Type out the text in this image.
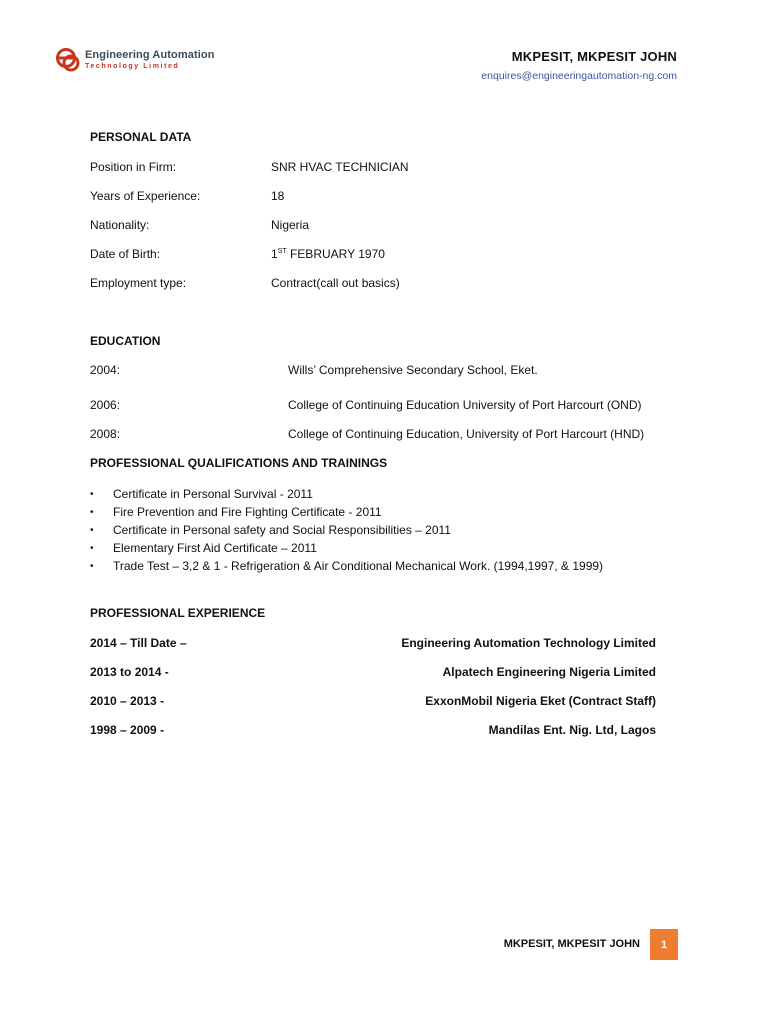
Engineering Automation
Technology Limited
MKPESIT, MKPESIT JOHN
enquires@engineeringautomation-ng.com
PERSONAL DATA
Position in Firm:	SNR HVAC TECHNICIAN
Years of Experience:	18
Nationality:	Nigeria
Date of Birth:	1ST FEBRUARY 1970
Employment type:	Contract(call out basics)
EDUCATION
2004:	Wills’ Comprehensive Secondary School, Eket.
2006:	College of Continuing Education University of Port Harcourt (OND)
2008:	College of Continuing Education, University of Port Harcourt (HND)
PROFESSIONAL QUALIFICATIONS AND TRAININGS
•	Certificate in Personal Survival - 2011
•	Fire Prevention and Fire Fighting Certificate - 2011
•	Certificate in Personal safety and Social Responsibilities – 2011
•	Elementary First Aid Certificate – 2011
•	Trade Test – 3,2 & 1 - Refrigeration & Air Conditional Mechanical Work. (1994,1997, & 1999)
PROFESSIONAL EXPERIENCE
2014 – Till Date –	Engineering Automation Technology Limited
2013 to 2014 -	Alpatech Engineering Nigeria Limited
2010 – 2013 -	ExxonMobil Nigeria Eket (Contract Staff)
1998 – 2009 -	Mandilas Ent. Nig. Ltd, Lagos
MKPESIT, MKPESIT JOHN	1
